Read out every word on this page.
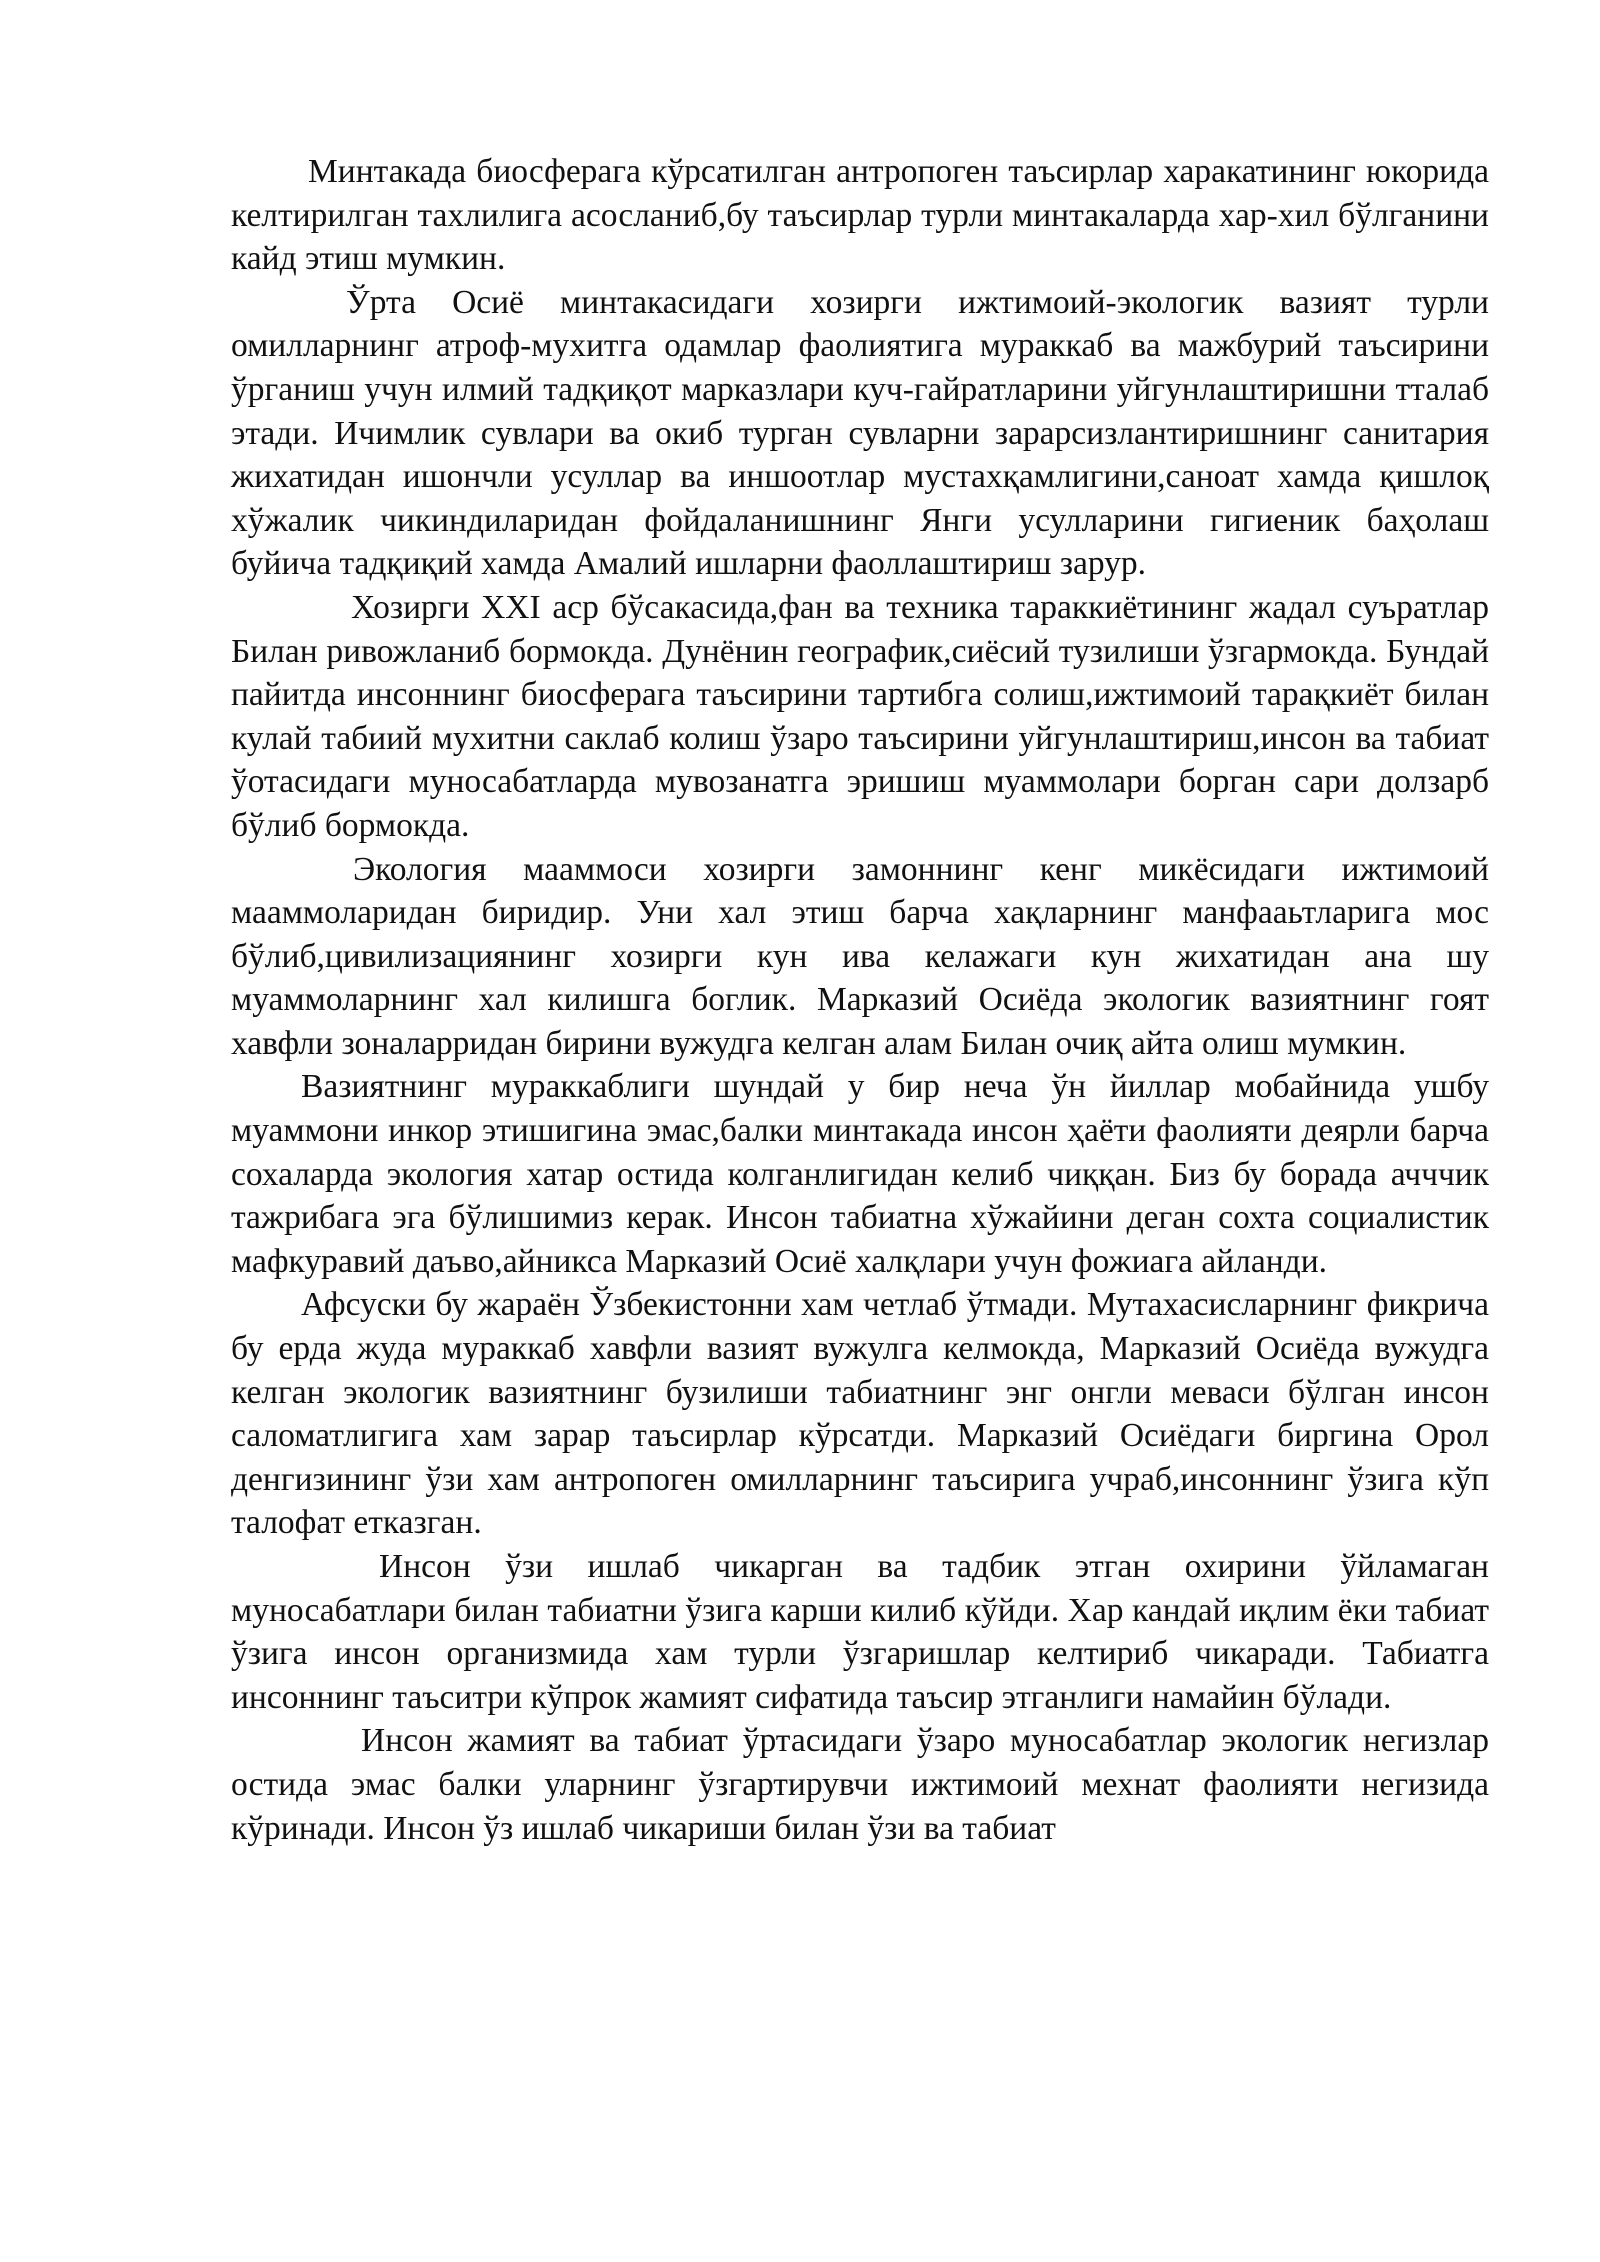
Минтакада биосферага кўрсатилган антропоген таъсирлар харакатининг юкорида келтирилган тахлилига асосланиб,бу таъсирлар турли минтакаларда хар-хил бўлганини кайд этиш мумкин.

Ўрта Осиё минтакасидаги хозирги ижтимоий-экологик вазият турли омилларнинг атроф-мухитга одамлар фаолиятига мураккаб ва мажбурий таъсирини ўрганиш учун илмий тадқиқот марказлари куч-гайратларини уйгунлаштиришни тталаб этади. Ичимлик сувлари ва окиб турган сувларни зарарсизлантиришнинг санитария жихатидан ишончли усуллар ва иншоотлар мустахқамлигини,саноат хамда қишлоқ хўжалик чикиндиларидан фойдаланишнинг Янги усулларини гигиеник баҳолаш буйича тадқиқий хамда Амалий ишларни фаоллаштириш зарур.

Хозирги XXI аср бўсакасида,фан ва техника тараккиётининг жадал суъратлар Билан ривожланиб бормокда. Дунёнин географик,сиёсий тузилиши ўзгармокда. Бундай пайитда инсоннинг биосферага таъсирини тартибга солиш,ижтимоий тарақкиёт билан кулай табиий мухитни саклаб колиш ўзаро таъсирини уйгунлаштириш,инсон ва табиат ўотасидаги муносабатларда мувозанатга эришиш муаммолари борган сари долзарб бўлиб бормокда.

Экология мааммоси хозирги замоннинг кенг микёсидаги ижтимоий мааммоларидан биридир. Уни хал этиш барча хақларнинг манфааьтларига мос бўлиб,цивилизациянинг хозирги кун ива келажаги кун жихатидан ана шу муаммоларнинг хал килишга боглик. Марказий Осиёда экологик вазиятнинг гоят хавфли зоналарридан бирини вужудга келган алам Билан очиқ айта олиш мумкин.

Вазиятнинг мураккаблиги шундай у бир неча ўн йиллар мобайнида ушбу муаммони инкор этишигина эмас,балки минтакада инсон ҳаёти фаолияти деярли барча сохаларда экология хатар остида колганлигидан келиб чиққан. Биз бу борада ачччик тажрибага эга бўлишимиз керак. Инсон табиатна хўжайини деган сохта социалистик мафкуравий даъво,айникса Марказий Осиё халқлари учун фожиага айланди.

Афсуски бу жараён Ўзбекистонни хам четлаб ўтмади. Мутахасисларнинг фикрича бу ерда жуда мураккаб хавфли вазият вужулга келмокда, Марказий Осиёда вужудга келган экологик вазиятнинг бузилиши табиатнинг энг онгли меваси бўлган инсон саломатлигига хам зарар таъсирлар кўрсатди. Марказий Осиёдаги биргина Орол денгизининг ўзи хам антропоген омилларнинг таъсирига учраб,инсоннинг ўзига кўп талофат етказган.

Инсон ўзи ишлаб чикарган ва тадбик этган охирини ўйламаган муносабатлари билан табиатни ўзига карши килиб кўйди. Хар кандай иқлим ёки табиат ўзига инсон организмида хам турли ўзгаришлар келтириб чикаради. Табиатга инсоннинг таъситри кўпрок жамият сифатида таъсир этганлиги намайин бўлади.

Инсон жамият ва табиат ўртасидаги ўзаро муносабатлар экологик негизлар остида эмас балки уларнинг ўзгартирувчи ижтимоий мехнат фаолияти негизида кўринади. Инсон ўз ишлаб чикариши билан ўзи ва табиат
